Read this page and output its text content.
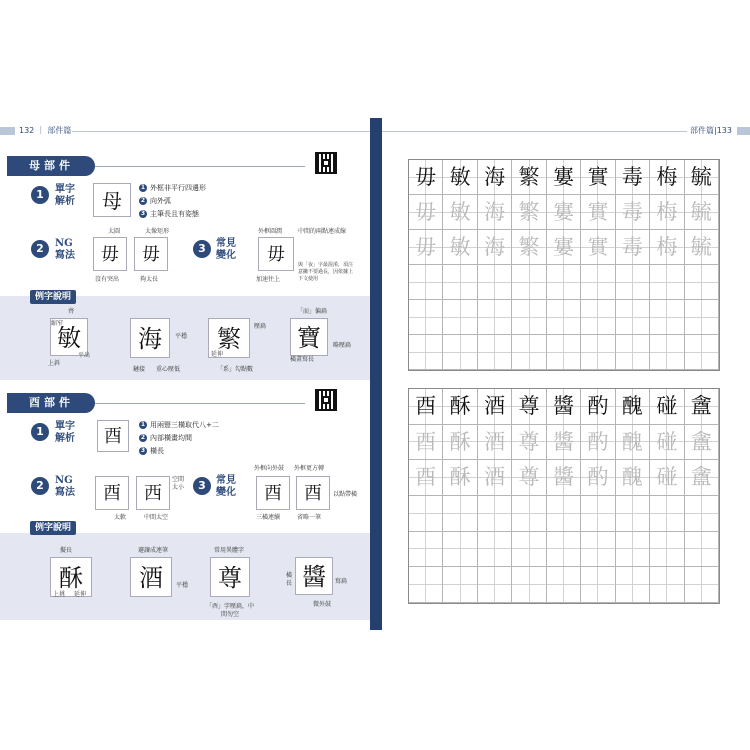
132 ｜ 部件篇	部件篇|133
母部件
1	單字
解析	母
1 外框非平行四邊形
2 向外弧
3 主筆長且有姿態
2	NG
寫法
太圓
毋
沒有突出
太像矩形
毋
夠太長
3	常見
變化
外框圓潤	中間的兩點連成線
毋
加速往上
與「夜」字最混淆，須注意撇不要過長，因依據上下文使用
例字說明
敏
齊
縮窄
上斜
平出
海	平穩
鏈接 重心壓低
繁	壓扁
延伸
「系」勾點數
寶
「而」偏扁
略壓扁
橫畫寫長
酉部件
1	單字
解析	酉
1 用兩豎三橫取代八+二
2 內部橫畫均間
3 橫長
2	NG
寫法	酉
太軟
西
空間太小
中間太空
3	常見
變化
外框向外鼓
酉
三橫連續
外框更方轉
酉
省略一筆
以點帶橫
例字說明
擬長
酥
上挑 延伸
避讓成連筆
酒	平穩
常用異體字
尊
「酉」字壓扁，中間勿空
橫長 醬	寫扁
微外鼓
毋 敏 海 繁 寠 實 毒 梅 毓
毋 敏 海 繁 寠 實 毒 梅 毓
毋 敏 海 繁 寠 實 毒 梅 毓
酉 酥 酒 尊 醬 酌 醜 碰 盦
酉 酥 酒 尊 醬 酌 醜 碰 盦
酉 酥 酒 尊 醬 酌 醜 碰 盦
